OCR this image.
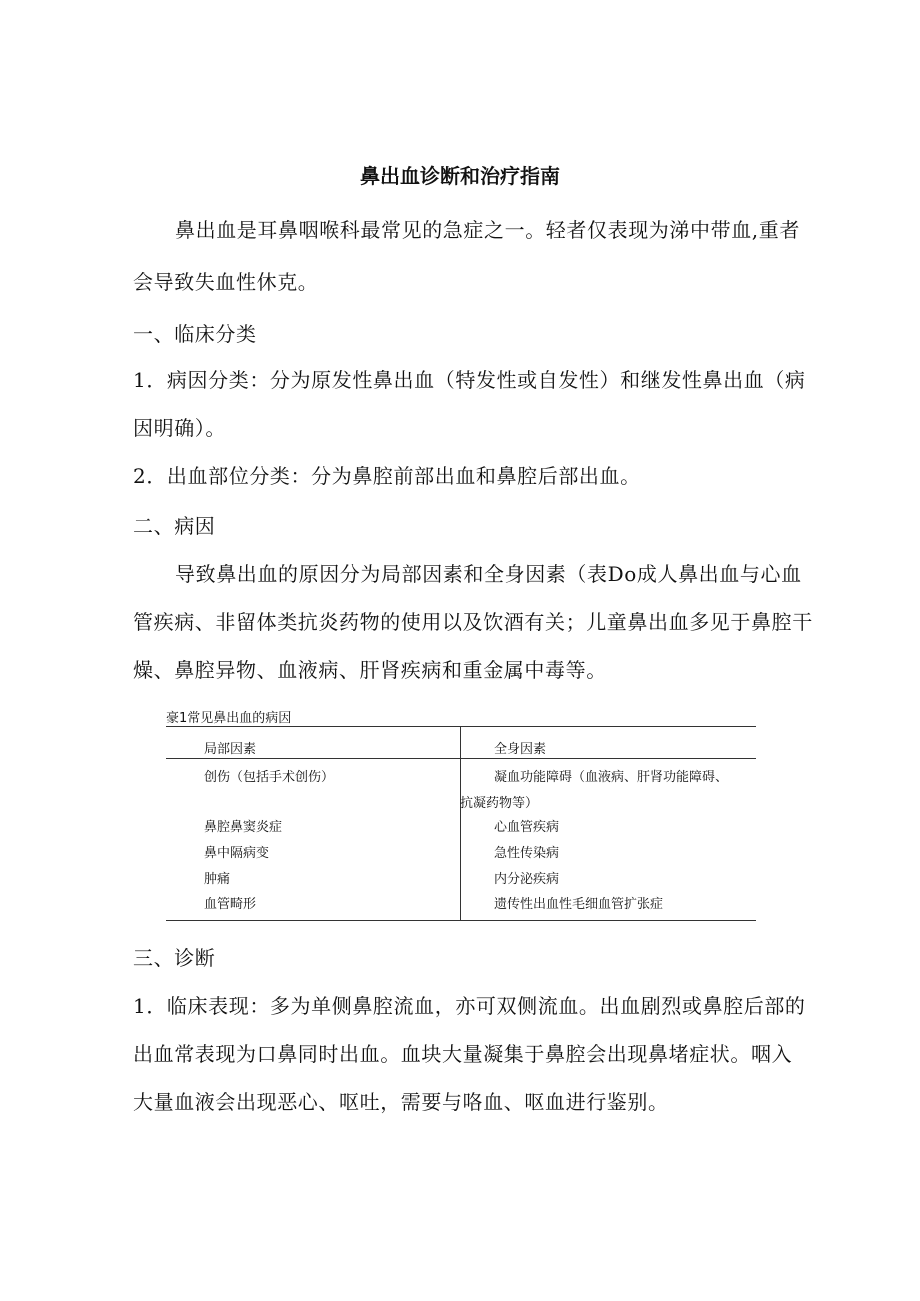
鼻出血诊断和治疗指南
鼻出血是耳鼻咽喉科最常见的急症之一。轻者仅表现为涕中带血,重者
会导致失血性休克。
一、临床分类
1．病因分类：分为原发性鼻出血（特发性或自发性）和继发性鼻出血（病
因明确）。
2．出血部位分类：分为鼻腔前部出血和鼻腔后部出血。
二、病因
导致鼻出血的原因分为局部因素和全身因素（表Do成人鼻出血与心血
管疾病、非留体类抗炎药物的使用以及饮酒有关；儿童鼻出血多见于鼻腔干
燥、鼻腔异物、血液病、肝肾疾病和重金属中毒等。
豪1常见鼻出血的病因
局部因素	全身因素
创伤（包括手术创伤）	凝血功能障碍（血液病、肝肾功能障碍、
抗凝药物等）
鼻腔鼻窦炎症	心血管疾病
鼻中隔病变	急性传染病
肿痛	内分泌疾病
血管畸形	遗传性出血性毛细血管扩张症
三、诊断
1．临床表现：多为单侧鼻腔流血，亦可双侧流血。出血剧烈或鼻腔后部的
出血常表现为口鼻同时出血。血块大量凝集于鼻腔会出现鼻堵症状。咽入
大量血液会出现恶心、呕吐，需要与咯血、呕血进行鉴别。
